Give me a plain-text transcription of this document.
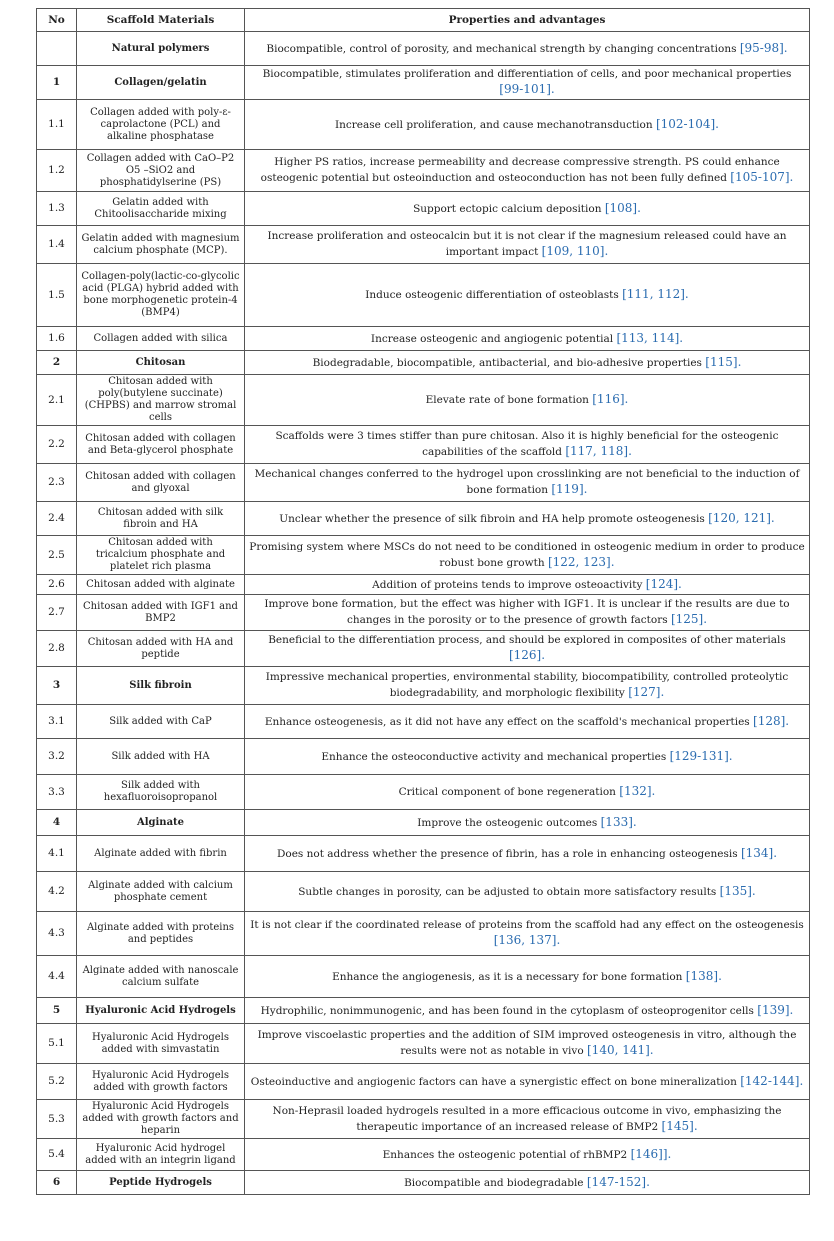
No	Scaffold Materials	Properties and advantages
	Natural polymers	Biocompatible, control of porosity, and mechanical strength by changing concentrations [95-98].
1	Collagen/gelatin	Biocompatible, stimulates proliferation and differentiation of cells, and poor mechanical properties [99-101].
1.1	Collagen added with poly-ε-caprolactone (PCL) and alkaline phosphatase	Increase cell proliferation, and cause mechanotransduction [102-104].
1.2	Collagen added with CaO–P2 O5 –SiO2 and phosphatidylserine (PS)	Higher PS ratios, increase permeability and decrease compressive strength. PS could enhance osteogenic potential but osteoinduction and osteoconduction has not been fully defined [105-107].
1.3	Gelatin added with Chitoolisaccharide mixing	Support ectopic calcium deposition [108].
1.4	Gelatin added with magnesium calcium phosphate (MCP).	Increase proliferation and osteocalcin but it is not clear if the magnesium released could have an important impact [109, 110].
1.5	Collagen-poly(lactic-co-glycolic acid (PLGA) hybrid added with bone morphogenetic protein-4 (BMP4)	Induce osteogenic differentiation of osteoblasts [111, 112].
1.6	Collagen added with silica	Increase osteogenic and angiogenic potential [113, 114].
2	Chitosan	Biodegradable, biocompatible, antibacterial, and bio-adhesive properties [115].
2.1	Chitosan added with poly(butylene succinate) (CHPBS) and marrow stromal cells	Elevate rate of bone formation [116].
2.2	Chitosan added with collagen and Beta-glycerol phosphate	Scaffolds were 3 times stiffer than pure chitosan. Also it is highly beneficial for the osteogenic capabilities of the scaffold [117, 118].
2.3	Chitosan added with collagen and glyoxal	Mechanical changes conferred to the hydrogel upon crosslinking are not beneficial to the induction of bone formation [119].
2.4	Chitosan added with silk fibroin and HA	Unclear whether the presence of silk fibroin and HA help promote osteogenesis [120, 121].
2.5	Chitosan added with tricalcium phosphate and platelet rich plasma	Promising system where MSCs do not need to be conditioned in osteogenic medium in order to produce robust bone growth [122, 123].
2.6	Chitosan added with alginate	Addition of proteins tends to improve osteoactivity [124].
2.7	Chitosan added with IGF1 and BMP2	Improve bone formation, but the effect was higher with IGF1. It is unclear if the results are due to changes in the porosity or to the presence of growth factors [125].
2.8	Chitosan added with HA and peptide	Beneficial to the differentiation process, and should be explored in composites of other materials [126].
3	Silk fibroin	Impressive mechanical properties, environmental stability, biocompatibility, controlled proteolytic biodegradability, and morphologic flexibility [127].
3.1	Silk added with CaP	Enhance osteogenesis, as it did not have any effect on the scaffold's mechanical properties [128].
3.2	Silk added with HA	Enhance the osteoconductive activity and mechanical properties [129-131].
3.3	Silk added with hexafluoroisopropanol	Critical component of bone regeneration [132].
4	Alginate	Improve the osteogenic outcomes [133].
4.1	Alginate added with fibrin	Does not address whether the presence of fibrin, has a role in enhancing osteogenesis [134].
4.2	Alginate added with calcium phosphate cement	Subtle changes in porosity, can be adjusted to obtain more satisfactory results [135].
4.3	Alginate added with proteins and peptides	It is not clear if the coordinated release of proteins from the scaffold had any effect on the osteogenesis [136, 137].
4.4	Alginate added with nanoscale calcium sulfate	Enhance the angiogenesis, as it is a necessary for bone formation [138].
5	Hyaluronic Acid Hydrogels	Hydrophilic, nonimmunogenic, and has been found in the cytoplasm of osteoprogenitor cells [139].
5.1	Hyaluronic Acid Hydrogels added with simvastatin	Improve viscoelastic properties and the addition of SIM improved osteogenesis in vitro, although the results were not as notable in vivo [140, 141].
5.2	Hyaluronic Acid Hydrogels added with growth factors	Osteoinductive and angiogenic factors can have a synergistic effect on bone mineralization [142-144].
5.3	Hyaluronic Acid Hydrogels added with growth factors and heparin	Non-Heprasil loaded hydrogels resulted in a more efficacious outcome in vivo, emphasizing the therapeutic importance of an increased release of BMP2 [145].
5.4	Hyaluronic Acid hydrogel added with an integrin ligand	Enhances the osteogenic potential of rhBMP2 [146]].
6	Peptide Hydrogels	Biocompatible and biodegradable [147-152].
